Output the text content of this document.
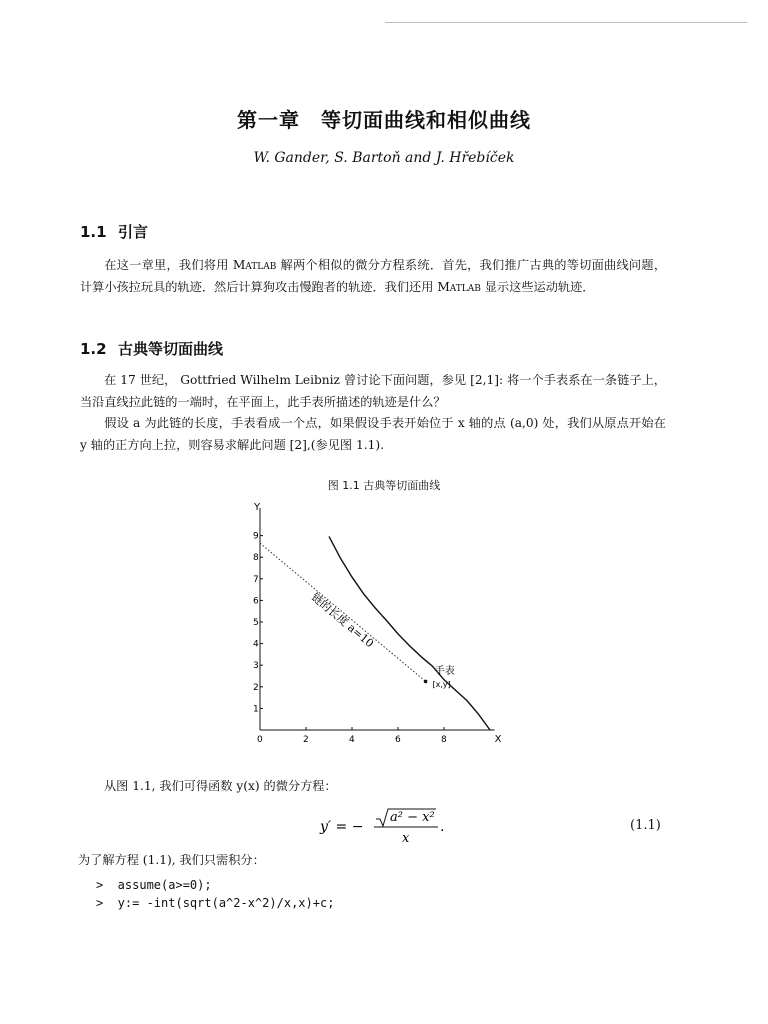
第一章　等切面曲线和相似曲线
W. Gander, S. Bartoň and J. Hřebíček
1.1 引言
在这一章里，我们将用 Matlab 解两个相似的微分方程系统．首先，我们推广古典的等切面曲线问题，计算小孩拉玩具的轨迹．然后计算狗攻击慢跑者的轨迹．我们还用 Matlab 显示这些运动轨迹．
1.2 古典等切面曲线
在 17 世纪， Gottfried Wilhelm Leibniz 曾讨论下面问题，参见 [2,1]: 将一个手表系在一条链子上，当沿直线拉此链的一端时，在平面上，此手表所描述的轨迹是什么？
假设 a 为此链的长度，手表看成一个点，如果假设手表开始位于 x 轴的点 (a,0) 处，我们从原点开始在 y 轴的正方向上拉，则容易求解此问题 [2],(参见图 1.1).
图 1.1 古典等切面曲线
0	2	4	6	8
1
2
3
4
5
6
7
8
9
Y
X
链的长度 a=10
手表
[x,y]
从图 1.1, 我们可得函数 y(x) 的微分方程：
y′ = −
a² − x²
x
.	(1.1)
为了解方程 (1.1), 我们只需积分：
>  assume(a>=0);
>  y:= -int(sqrt(a^2-x^2)/x,x)+c;
